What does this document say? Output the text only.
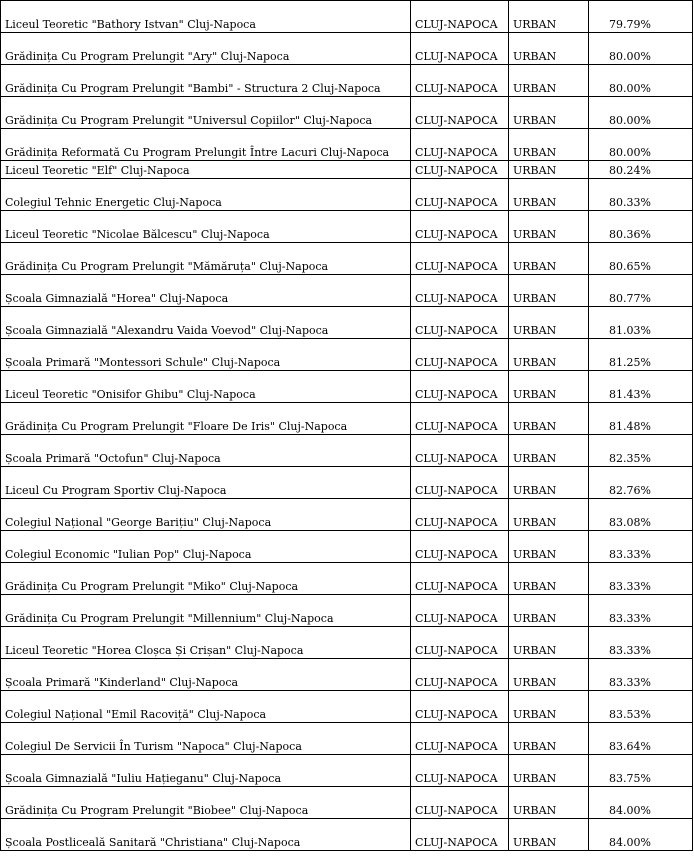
Liceul Teoretic "Bathory Istvan" Cluj-Napoca	CLUJ-NAPOCA	URBAN	79.79%
Grădinița Cu Program Prelungit "Ary" Cluj-Napoca	CLUJ-NAPOCA	URBAN	80.00%
Grădinița Cu Program Prelungit "Bambi" - Structura 2 Cluj-Napoca	CLUJ-NAPOCA	URBAN	80.00%
Grădinița Cu Program Prelungit "Universul Copiilor" Cluj-Napoca	CLUJ-NAPOCA	URBAN	80.00%
Grădinița Reformată Cu Program Prelungit Între Lacuri Cluj-Napoca	CLUJ-NAPOCA	URBAN	80.00%
Liceul Teoretic "Elf" Cluj-Napoca	CLUJ-NAPOCA	URBAN	80.24%
Colegiul Tehnic Energetic Cluj-Napoca	CLUJ-NAPOCA	URBAN	80.33%
Liceul Teoretic "Nicolae Bălcescu" Cluj-Napoca	CLUJ-NAPOCA	URBAN	80.36%
Grădinița Cu Program Prelungit "Mămăruța" Cluj-Napoca	CLUJ-NAPOCA	URBAN	80.65%
Școala Gimnazială "Horea" Cluj-Napoca	CLUJ-NAPOCA	URBAN	80.77%
Școala Gimnazială "Alexandru Vaida Voevod" Cluj-Napoca	CLUJ-NAPOCA	URBAN	81.03%
Școala Primară "Montessori Schule" Cluj-Napoca	CLUJ-NAPOCA	URBAN	81.25%
Liceul Teoretic "Onisifor Ghibu" Cluj-Napoca	CLUJ-NAPOCA	URBAN	81.43%
Grădinița Cu Program Prelungit "Floare De Iris" Cluj-Napoca	CLUJ-NAPOCA	URBAN	81.48%
Școala Primară "Octofun" Cluj-Napoca	CLUJ-NAPOCA	URBAN	82.35%
Liceul Cu Program Sportiv Cluj-Napoca	CLUJ-NAPOCA	URBAN	82.76%
Colegiul Național "George Barițiu" Cluj-Napoca	CLUJ-NAPOCA	URBAN	83.08%
Colegiul Economic "Iulian Pop" Cluj-Napoca	CLUJ-NAPOCA	URBAN	83.33%
Grădinița Cu Program Prelungit "Miko" Cluj-Napoca	CLUJ-NAPOCA	URBAN	83.33%
Grădinița Cu Program Prelungit "Millennium" Cluj-Napoca	CLUJ-NAPOCA	URBAN	83.33%
Liceul Teoretic "Horea Cloșca Și Crișan" Cluj-Napoca	CLUJ-NAPOCA	URBAN	83.33%
Școala Primară "Kinderland" Cluj-Napoca	CLUJ-NAPOCA	URBAN	83.33%
Colegiul Național "Emil Racoviță" Cluj-Napoca	CLUJ-NAPOCA	URBAN	83.53%
Colegiul De Servicii În Turism "Napoca" Cluj-Napoca	CLUJ-NAPOCA	URBAN	83.64%
Școala Gimnazială "Iuliu Hațieganu" Cluj-Napoca	CLUJ-NAPOCA	URBAN	83.75%
Grădinița Cu Program Prelungit "Biobee" Cluj-Napoca	CLUJ-NAPOCA	URBAN	84.00%
Școala Postliceală Sanitară "Christiana" Cluj-Napoca	CLUJ-NAPOCA	URBAN	84.00%
